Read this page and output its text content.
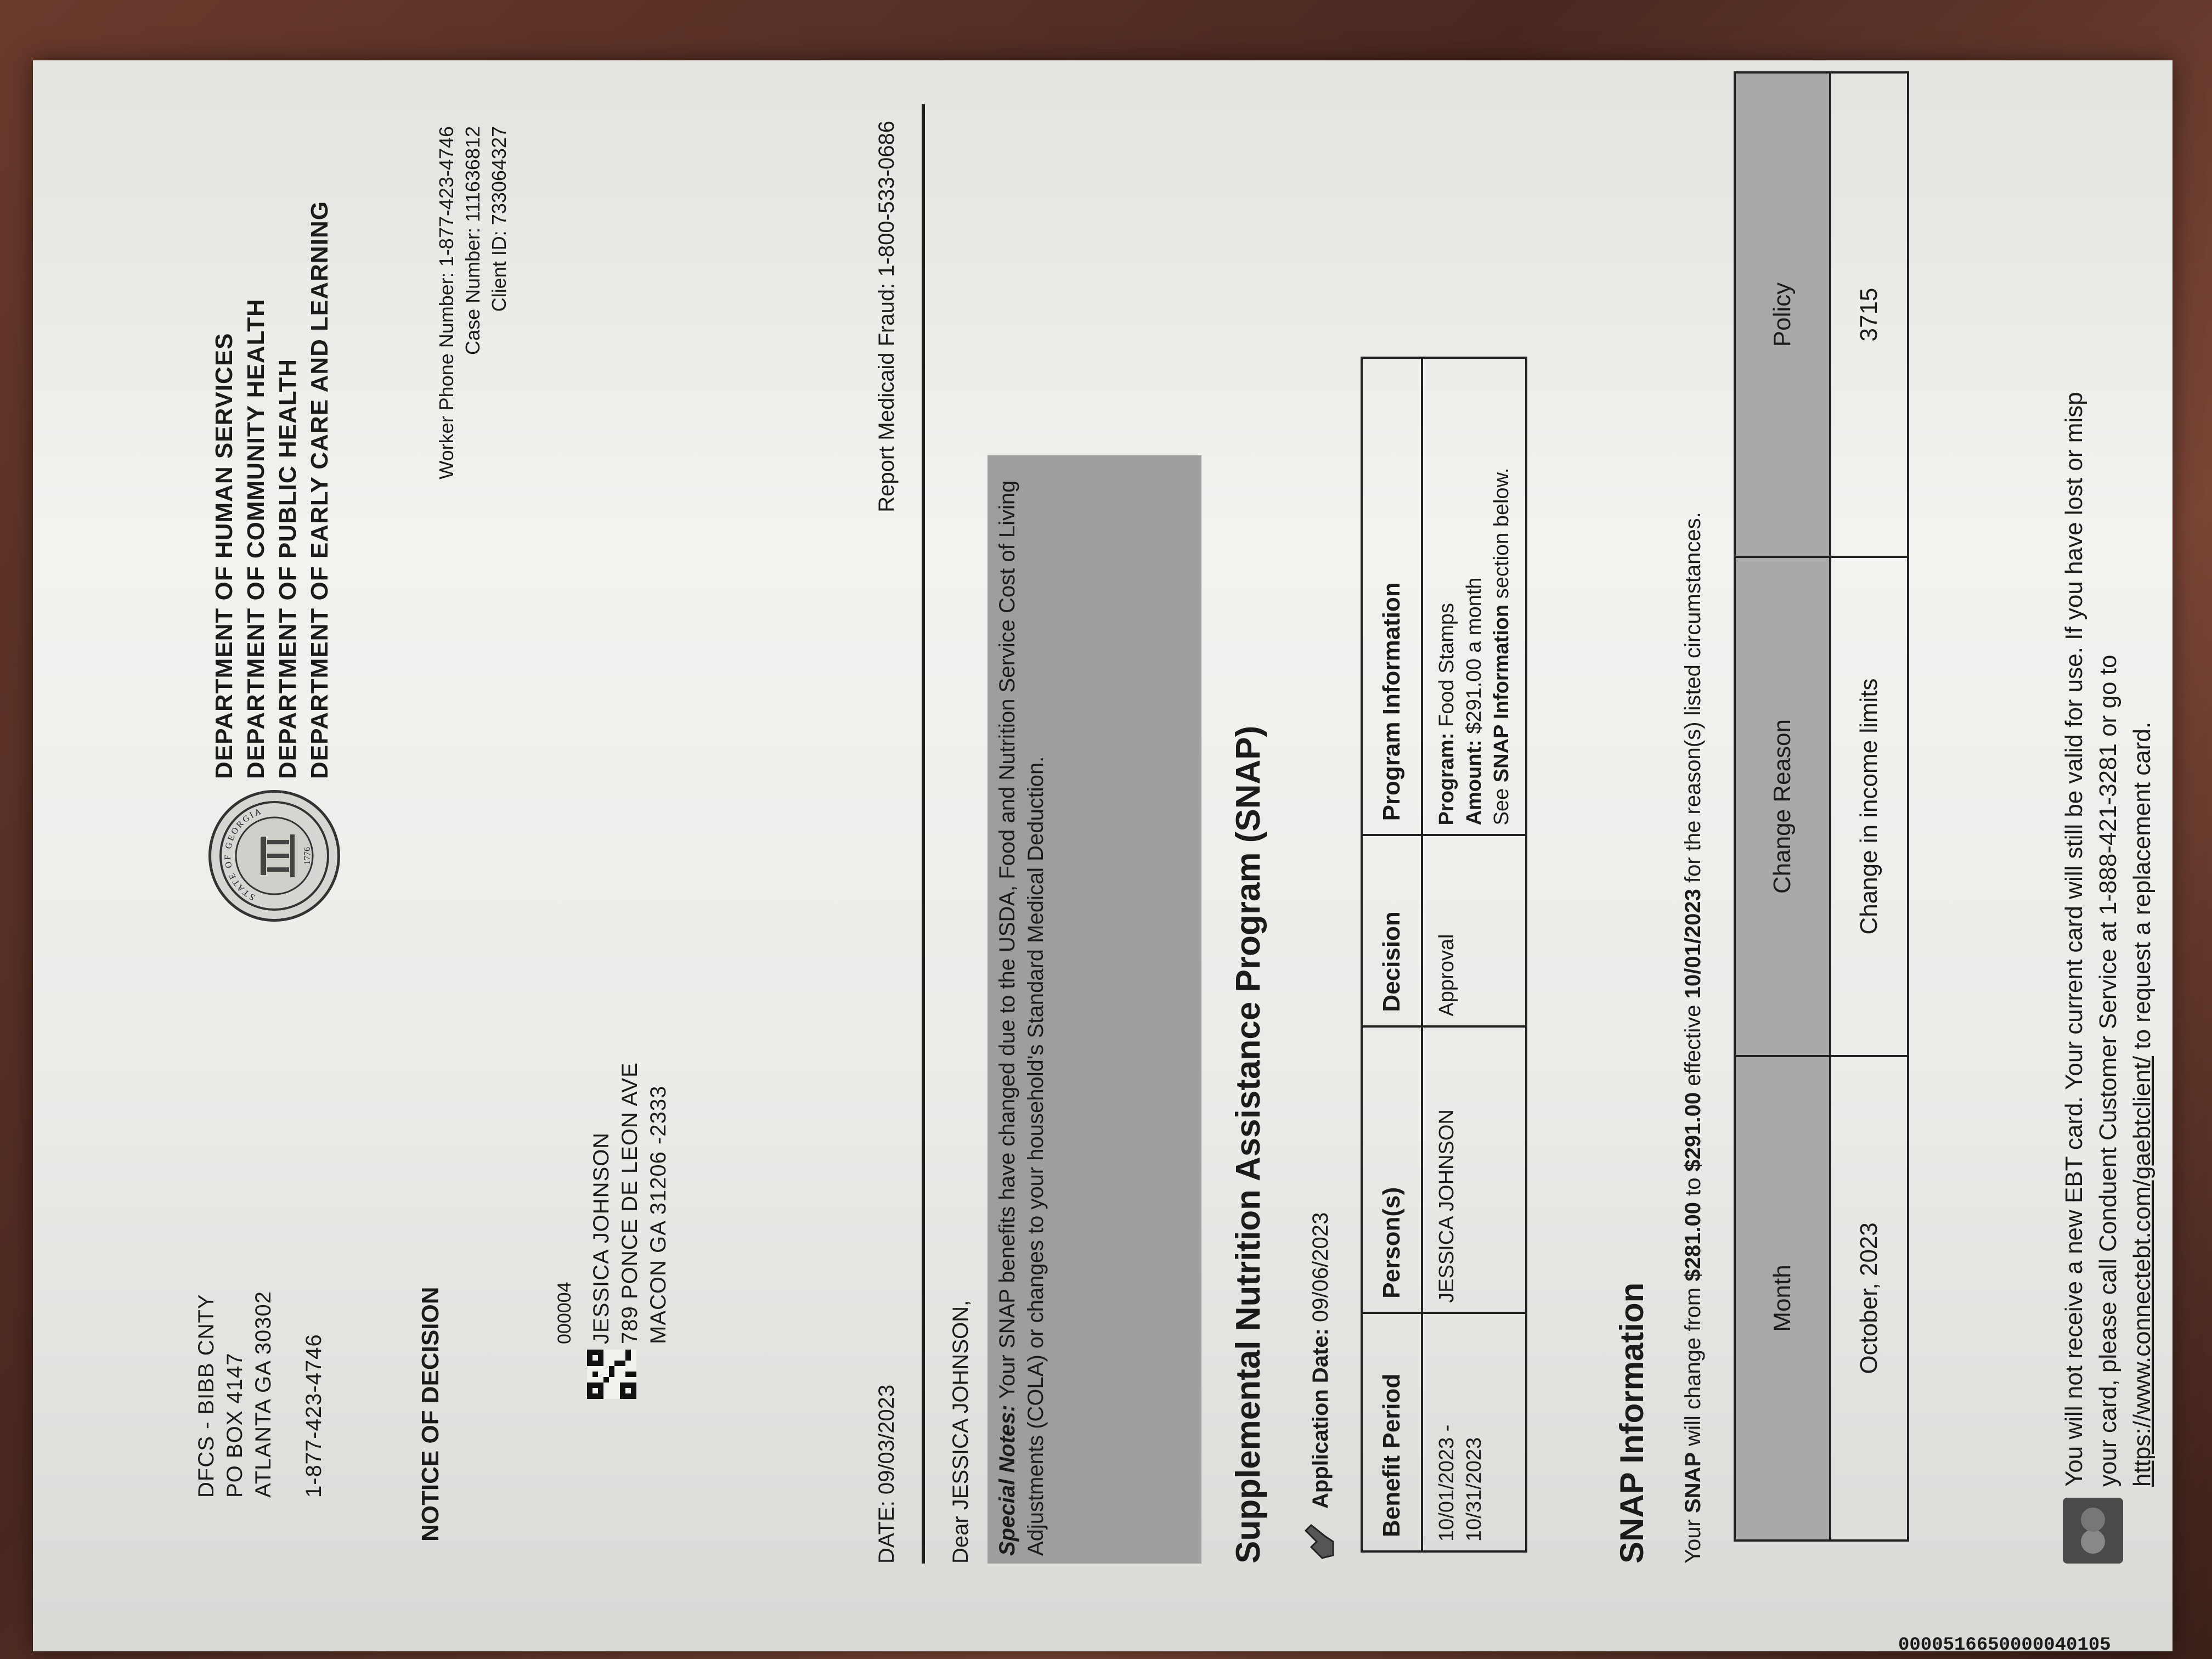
DFCS - BIBB CNTY PO BOX 4147 ATLANTA GA 30302 1-877-423-4746
STATE OF GEORGIA
1776
DEPARTMENT OF HUMAN SERVICES DEPARTMENT OF COMMUNITY HEALTH DEPARTMENT OF PUBLIC HEALTH DEPARTMENT OF EARLY CARE AND LEARNING
NOTICE OF DECISION
Worker Phone Number: 1-877-423-4746 Case Number: 111636812 Client ID: 733064327
000004 JESSICA JOHNSON 789 PONCE DE LEON AVE MACON GA 31206 -2333
DATE: 09/03/2023
Report Medicaid Fraud: 1-800-533-0686
Dear JESSICA JOHNSON,	Special Notes: Your SNAP benefits have changed due to the USDA, Food and Nutrition Service Cost of Living Adjustments (COLA) or changes to your household's Standard Medical Deduction.	Supplemental Nutrition Assistance Program (SNAP) Application Date: 09/06/2023
Benefit Period	Person(s)	Decision	Program Information
10/01/2023 - 10/31/2023	JESSICA JOHNSON	Approval	Program: Food Stamps
Amount: $291.00 a month
See SNAP Information section below.
SNAP Information Your SNAP will change from $281.00 to $291.00 effective 10/01/2023 for the reason(s) listed circumstances.
Month	Change Reason	Policy
October, 2023	Change in income limits	3715
You will not receive a new EBT card. Your current card will still be valid for use. If you have lost or misp your card, please call Conduent Customer Service at 1-888-421-3281 or go to https://www.connectebt.com/gaebtclient/ to request a replacement card.
0000516650000040105
